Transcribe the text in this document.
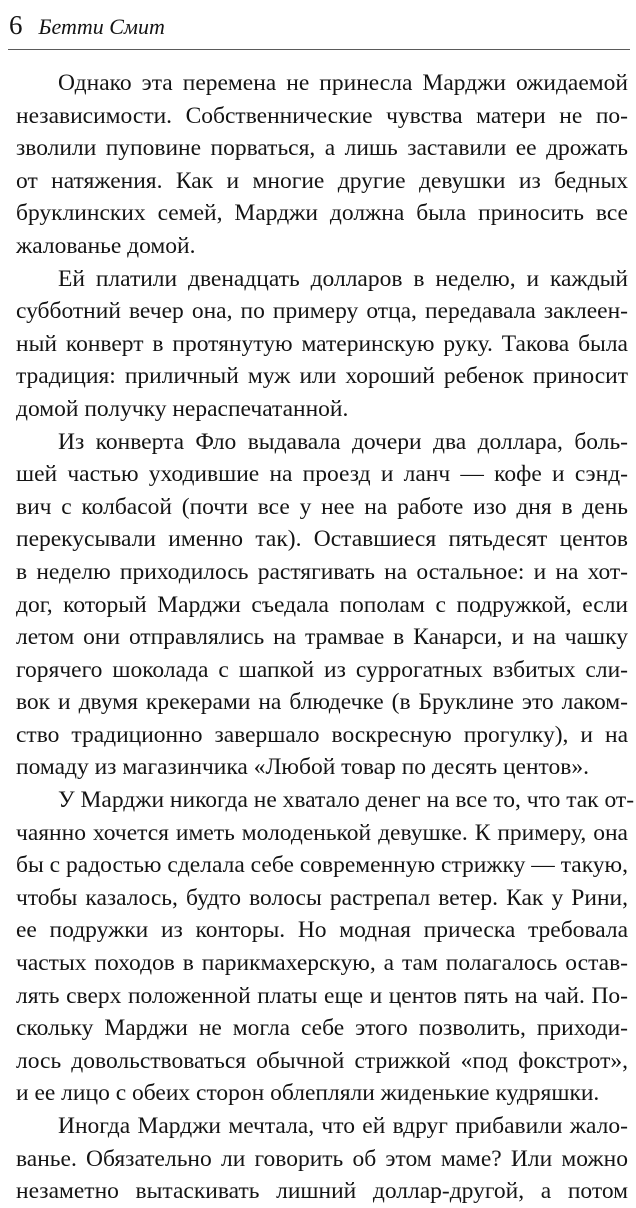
6 Бетти Смит

Однако эта перемена не принесла Марджи ожидаемой
независимости. Собственнические чувства матери не по-
зволили пуповине порваться, а лишь заставили ее дрожать
от натяжения. Как и многие другие девушки из бедных
бруклинских семей, Марджи должна была приносить все
жалованье домой.

Ей платили двенадцать долларов в неделю, и каждый
субботний вечер она, по примеру отца, передавала заклеен-
ный конверт в протянутую материнскую руку. Такова была
традиция: приличный муж или хороший ребенок приносит
домой получку нераспечатанной.

Из конверта Фло выдавала дочери два доллара, боль-
шей частью уходившие на проезд и ланч — кофе и сэнд-
вич с колбасой (почти все у нее на работе изо дня в день
перекусывали именно так). Оставшиеся пятьдесят центов
в неделю приходилось растягивать на остальное: и на хот-
дог, который Марджи съедала пополам с подружкой, если
летом они отправлялись на трамвае в Канарси, и на чашку
горячего шоколада с шапкой из суррогатных взбитых сли-
вок и двумя крекерами на блюдечке (в Бруклине это лаком-
ство традиционно завершало воскресную прогулку), и на
помаду из магазинчика «Любой товар по десять центов».

У Марджи никогда не хватало денег на все то, что так от-
чаянно хочется иметь молоденькой девушке. К примеру, она
бы с радостью сделала себе современную стрижку — такую,
чтобы казалось, будто волосы растрепал ветер. Как у Рини,
ее подружки из конторы. Но модная прическа требовала
частых походов в парикмахерскую, а там полагалось остав-
лять сверх положенной платы еще и центов пять на чай. По-
скольку Марджи не могла себе этого позволить, приходи-
лось довольствоваться обычной стрижкой «под фокстрот»,
и ее лицо с обеих сторон облепляли жиденькие кудряшки.

Иногда Марджи мечтала, что ей вдруг прибавили жало-
ванье. Обязательно ли говорить об этом маме? Или можно
незаметно вытаскивать лишний доллар-другой, а потом
